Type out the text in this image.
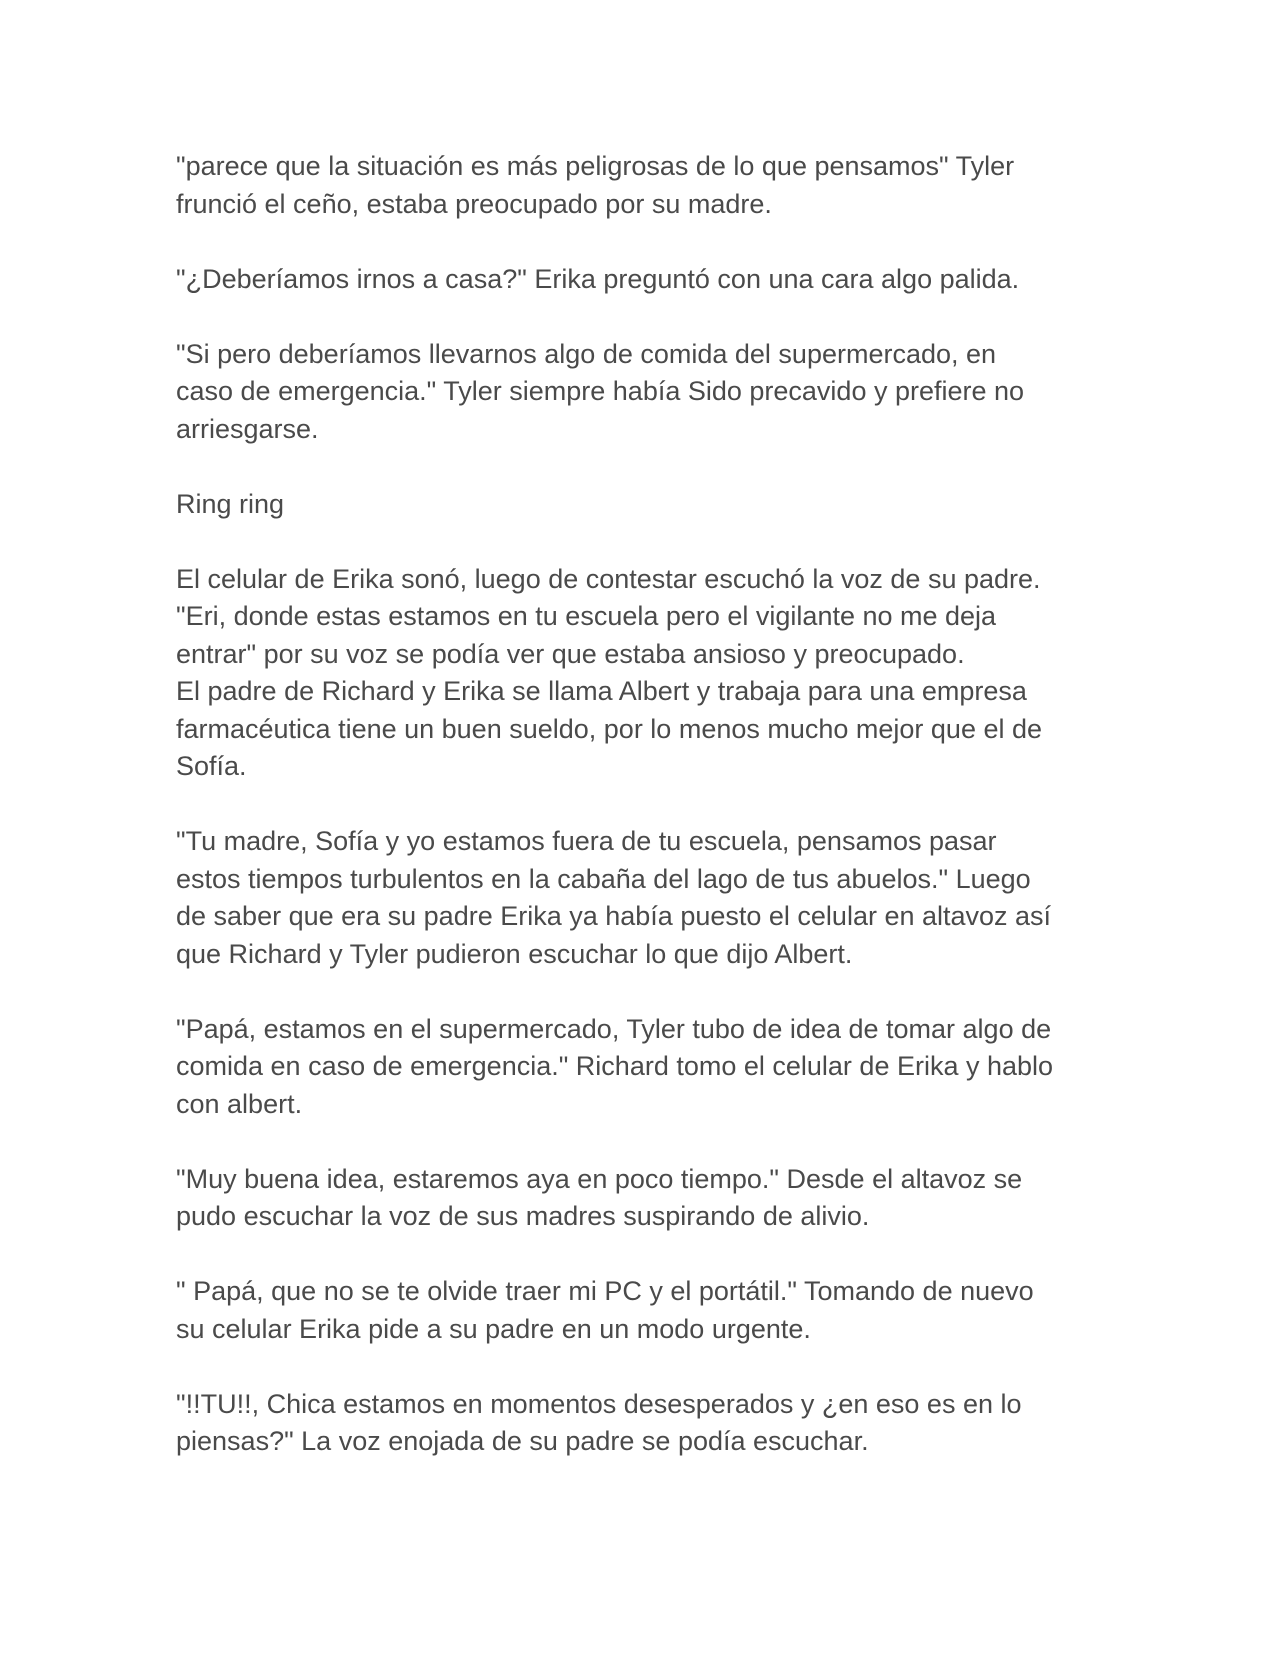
"parece que la situación es más peligrosas de lo que pensamos" Tyler
frunció el ceño, estaba preocupado por su madre.

"¿Deberíamos irnos a casa?" Erika preguntó con una cara algo palida.

"Si pero deberíamos llevarnos algo de comida del supermercado, en
caso de emergencia." Tyler siempre había Sido precavido y prefiere no
arriesgarse.

Ring ring

El celular de Erika sonó, luego de contestar escuchó la voz de su padre.
"Eri, donde estas estamos en tu escuela pero el vigilante no me deja
entrar" por su voz se podía ver que estaba ansioso y preocupado.
El padre de Richard y Erika se llama Albert y trabaja para una empresa
farmacéutica tiene un buen sueldo, por lo menos mucho mejor que el de
Sofía.

"Tu madre, Sofía y yo estamos fuera de tu escuela, pensamos pasar
estos tiempos turbulentos en la cabaña del lago de tus abuelos." Luego
de saber que era su padre Erika ya había puesto el celular en altavoz así
que Richard y Tyler pudieron escuchar lo que dijo Albert.

"Papá, estamos en el supermercado, Tyler tubo de idea de tomar algo de
comida en caso de emergencia." Richard tomo el celular de Erika y hablo
con albert.

"Muy buena idea, estaremos aya en poco tiempo." Desde el altavoz se
pudo escuchar la voz de sus madres suspirando de alivio.

" Papá, que no se te olvide traer mi PC y el portátil." Tomando de nuevo
su celular Erika pide a su padre en un modo urgente.

"!!TU!!, Chica estamos en momentos desesperados y ¿en eso es en lo
piensas?" La voz enojada de su padre se podía escuchar.
